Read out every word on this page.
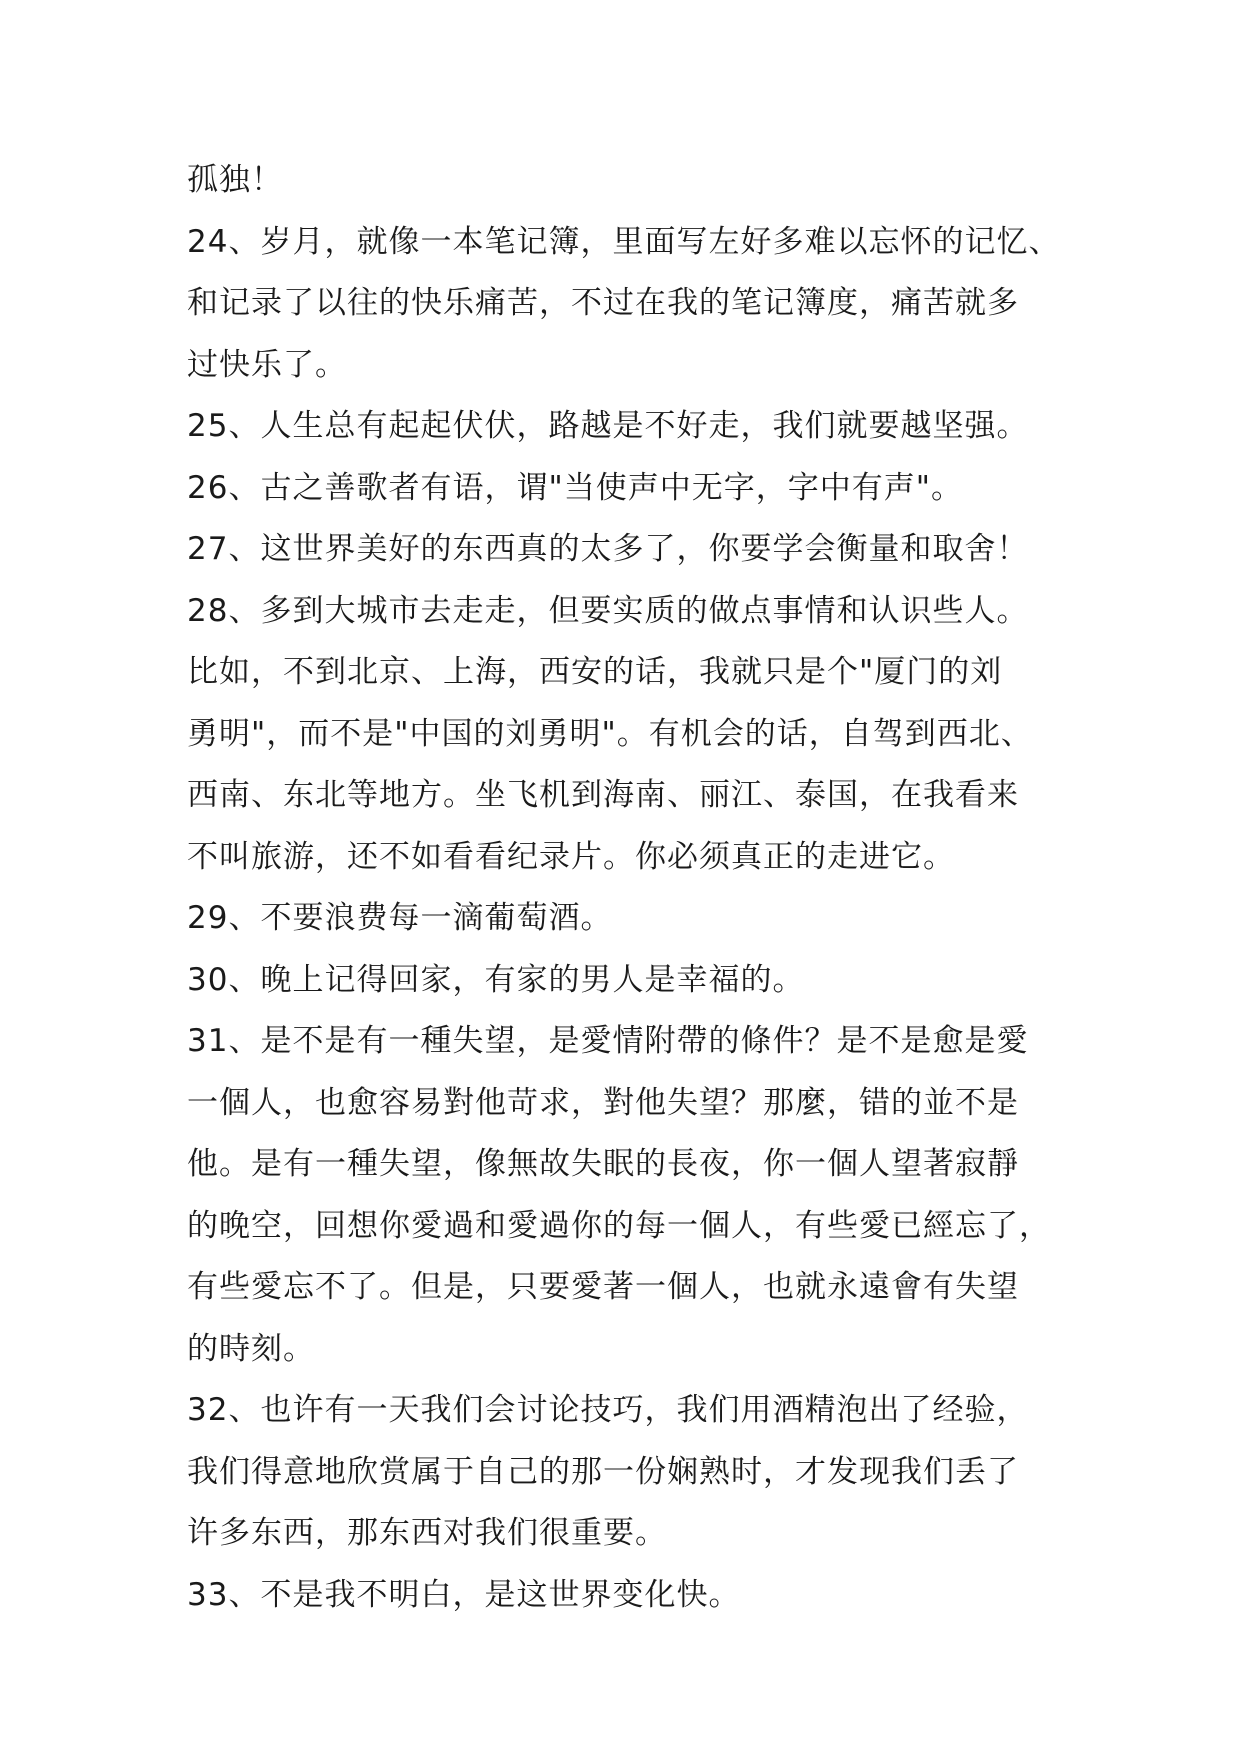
孤独！
24、岁月，就像一本笔记簿，里面写左好多难以忘怀的记忆、
和记录了以往的快乐痛苦，不过在我的笔记簿度，痛苦就多
过快乐了。
25、人生总有起起伏伏，路越是不好走，我们就要越坚强。
26、古之善歌者有语，谓"当使声中无字，字中有声"。
27、这世界美好的东西真的太多了，你要学会衡量和取舍！
28、多到大城市去走走，但要实质的做点事情和认识些人。
比如，不到北京、上海，西安的话，我就只是个"厦门的刘
勇明"，而不是"中国的刘勇明"。有机会的话，自驾到西北、
西南、东北等地方。坐飞机到海南、丽江、泰国，在我看来
不叫旅游，还不如看看纪录片。你必须真正的走进它。
29、不要浪费每一滴葡萄酒。
30、晚上记得回家，有家的男人是幸福的。
31、是不是有一種失望，是愛情附帶的條件？是不是愈是愛
一個人，也愈容易對他苛求，對他失望？那麼，错的並不是
他。是有一種失望，像無故失眠的長夜，你一個人望著寂靜
的晚空，回想你愛過和愛過你的每一個人，有些愛已經忘了，
有些愛忘不了。但是，只要愛著一個人，也就永遠會有失望
的時刻。
32、也许有一天我们会讨论技巧，我们用酒精泡出了经验，
我们得意地欣赏属于自己的那一份娴熟时，才发现我们丢了
许多东西，那东西对我们很重要。
33、不是我不明白，是这世界变化快。
